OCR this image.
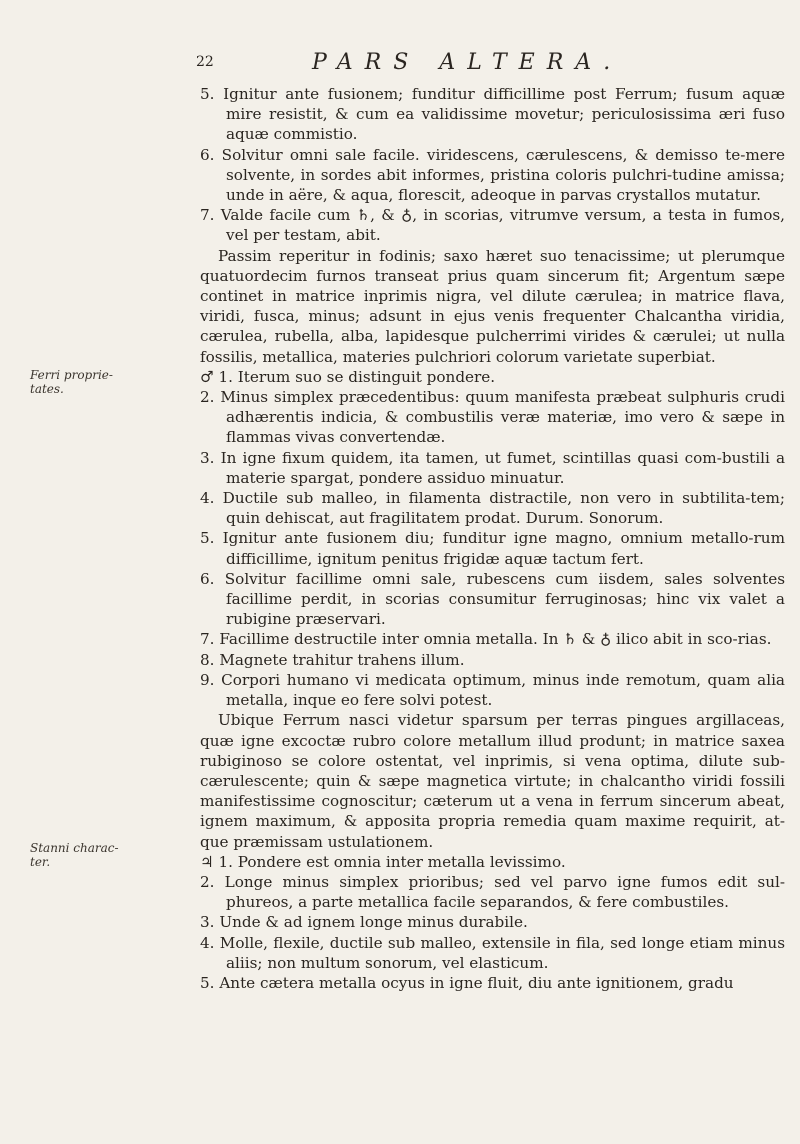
22	PARS ALTERA.
Ferri proprie-tates.
Stanni charac-ter.

5. Ignitur ante fusionem; funditur difficillime post Ferrum; fusum aquæ mire resistit, & cum ea validissime movetur; periculosissima æri fuso aquæ commistio.

6. Solvitur omni sale facile. viridescens, cærulescens, & demisso te-mere solvente, in sordes abit informes, pristina coloris pulchri-tudine amissa; unde in aëre, & aqua, florescit, adeoque in parvas crystallos mutatur.

7. Valde facile cum ♄, & ♁, in scorias, vitrumve versum, a testa in fumos, vel per testam, abit.

Passim reperitur in fodinis; saxo hæret suo tenacissime; ut plerumque quatuordecim furnos transeat prius quam sincerum fit; Argentum sæpe continet in matrice inprimis nigra, vel dilute cærulea; in matrice flava, viridi, fusca, minus; adsunt in ejus venis frequenter Chalcantha viridia, cærulea, rubella, alba, lapidesque pulcherrimi virides & cærulei; ut nulla fossilis, metallica, materies pulchriori colorum varietate superbiat.

♂ 1. Iterum suo se distinguit pondere.

2. Minus simplex præcedentibus: quum manifesta præbeat sulphuris crudi adhærentis indicia, & combustilis veræ materiæ, imo vero & sæpe in flammas vivas convertendæ.

3. In igne fixum quidem, ita tamen, ut fumet, scintillas quasi com-bustili a materie spargat, pondere assiduo minuatur.

4. Ductile sub malleo, in filamenta distractile, non vero in subtilita-tem; quin dehiscat, aut fragilitatem prodat. Durum. Sonorum.

5. Ignitur ante fusionem diu; funditur igne magno, omnium metallo-rum difficillime, ignitum penitus frigidæ aquæ tactum fert.

6. Solvitur facillime omni sale, rubescens cum iisdem, sales solventes facillime perdit, in scorias consumitur ferruginosas; hinc vix valet a rubigine præservari.

7. Facillime destructile inter omnia metalla. In ♄ & ♁ ilico abit in sco-rias.

8. Magnete trahitur trahens illum.

9. Corpori humano vi medicata optimum, minus inde remotum, quam alia metalla, inque eo fere solvi potest.

Ubique Ferrum nasci videtur sparsum per terras pingues argillaceas, quæ igne excoctæ rubro colore metallum illud produnt; in matrice saxea rubiginoso se colore ostentat, vel inprimis, si vena optima, dilute sub-cærulescente; quin & sæpe magnetica virtute; in chalcantho viridi fossili manifestissime cognoscitur; cæterum ut a vena in ferrum sincerum abeat, ignem maximum, & apposita propria remedia quam maxime requirit, at-que præmissam ustulationem.

♃ 1. Pondere est omnia inter metalla levissimo.

2. Longe minus simplex prioribus; sed vel parvo igne fumos edit sul-phureos, a parte metallica facile separandos, & fere combustiles.

3. Unde & ad ignem longe minus durabile.

4. Molle, flexile, ductile sub malleo, extensile in fila, sed longe etiam minus aliis; non multum sonorum, vel elasticum.

5. Ante cætera metalla ocyus in igne fluit, diu ante ignitionem, gradu
